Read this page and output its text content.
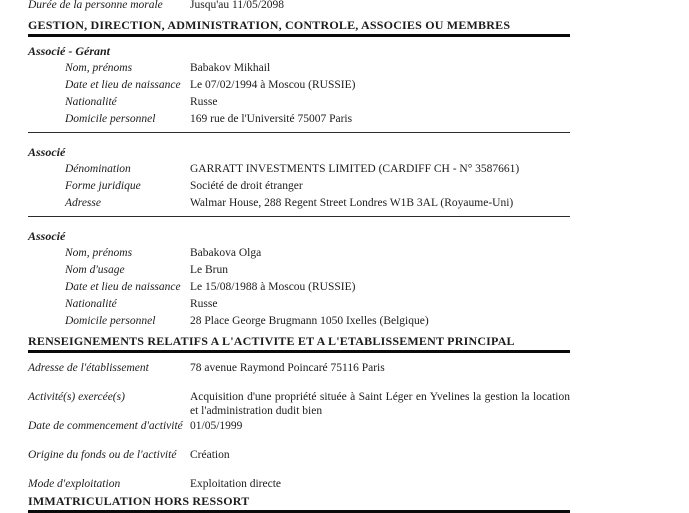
Durée de la personne morale Jusqu'au 11/05/2098
GESTION, DIRECTION, ADMINISTRATION, CONTROLE, ASSOCIES OU MEMBRES
Associé - Gérant
Nom, prénoms	Babakov Mikhail
Date et lieu de naissance Le 07/02/1994 à Moscou (RUSSIE)
Nationalité	Russe
Domicile personnel	169 rue de l'Université 75007 Paris
Associé
Dénomination	GARRATT INVESTMENTS LIMITED (CARDIFF CH - N° 3587661)
Forme juridique	Société de droit étranger
Adresse	Walmar House, 288 Regent Street Londres W1B 3AL (Royaume-Uni)
Associé
Nom, prénoms	Babakova Olga
Nom d'usage	Le Brun
Date et lieu de naissance Le 15/08/1988 à Moscou (RUSSIE)
Nationalité	Russe
Domicile personnel	28 Place George Brugmann 1050 Ixelles (Belgique)
RENSEIGNEMENTS RELATIFS A L'ACTIVITE ET A L'ETABLISSEMENT PRINCIPAL
Adresse de l'établissement	78 avenue Raymond Poincaré 75116 Paris
Activité(s) exercée(s)	Acquisition d'une propriété située à Saint Léger en Yvelines la gestion la location et l'administration dudit bien
Date de commencement d'activité 01/05/1999
Origine du fonds ou de l'activité Création
Mode d'exploitation	Exploitation directe
IMMATRICULATION HORS RESSORT
